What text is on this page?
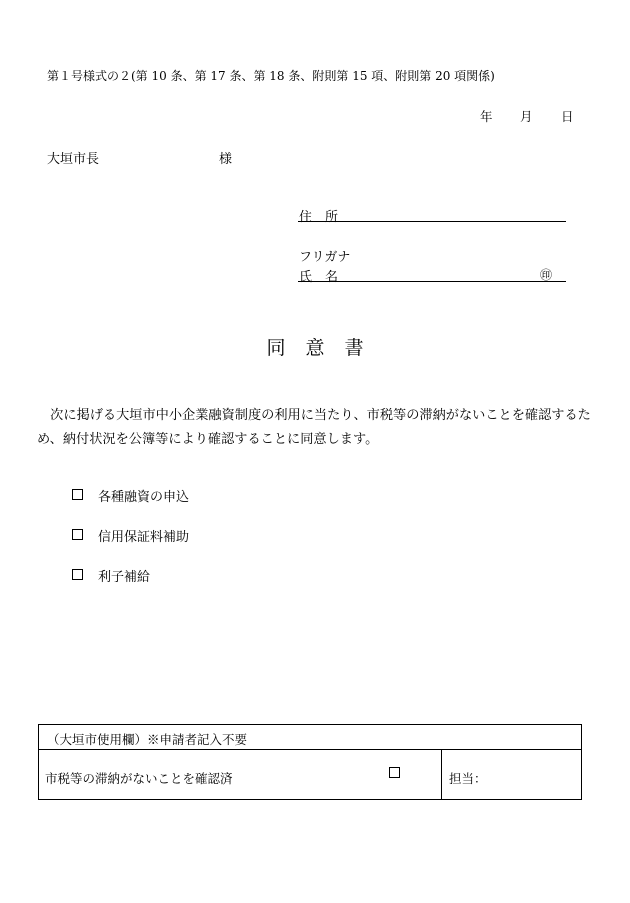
第１号様式の２(第 10 条、第 17 条、第 18 条、附則第 15 項、附則第 20 項関係)
年 月 日
大垣市長	様
住　所
フリガナ
氏　名	㊞
同意書
　次に掲げる大垣市中小企業融資制度の利用に当たり、市税等の滞納がないことを確認するため、納付状況を公簿等により確認することに同意します。
各種融資の申込
信用保証料補助
利子補給
（大垣市使用欄）※申請者記入不要
市税等の滞納がないことを確認済	担当：
